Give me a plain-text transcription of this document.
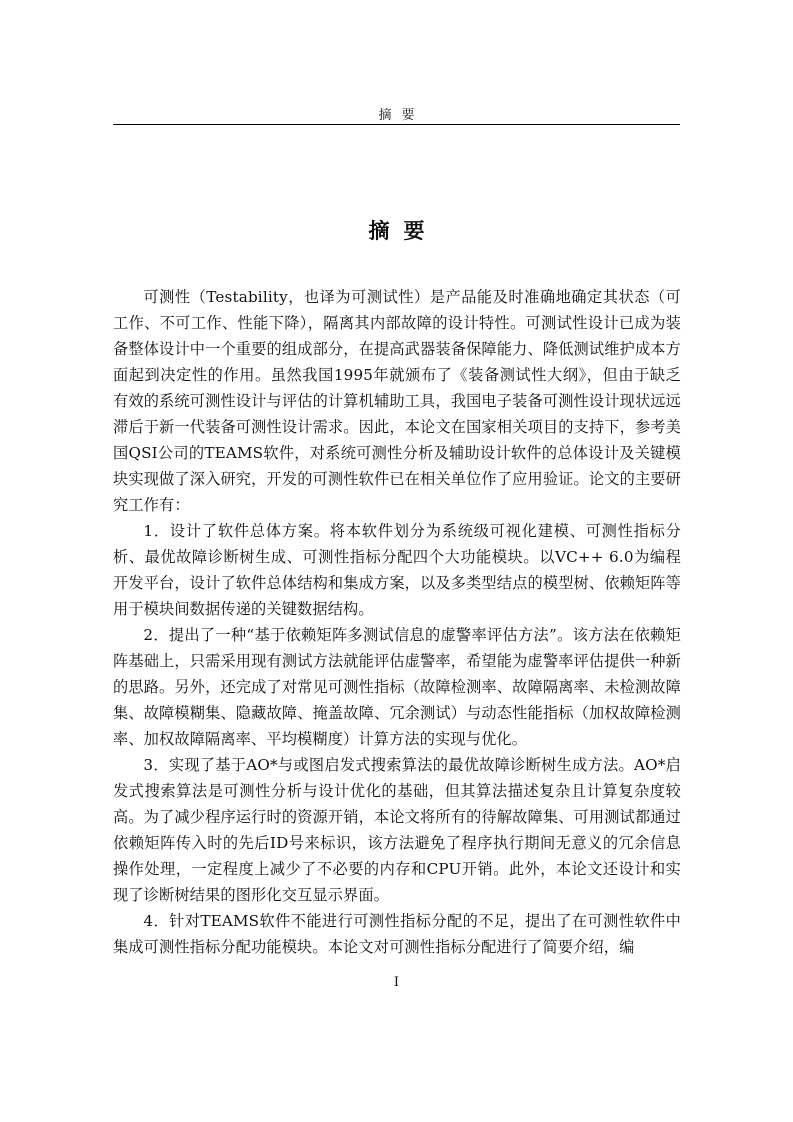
摘要
摘要

可测性（Testability，也译为可测试性）是产品能及时准确地确定其状态（可工作、不可工作、性能下降），隔离其内部故障的设计特性。可测试性设计已成为装备整体设计中一个重要的组成部分，在提高武器装备保障能力、降低测试维护成本方面起到决定性的作用。虽然我国1995年就颁布了《装备测试性大纲》，但由于缺乏有效的系统可测性设计与评估的计算机辅助工具，我国电子装备可测性设计现状远远滞后于新一代装备可测性设计需求。因此，本论文在国家相关项目的支持下，参考美国QSI公司的TEAMS软件，对系统可测性分析及辅助设计软件的总体设计及关键模块实现做了深入研究，开发的可测性软件已在相关单位作了应用验证。论文的主要研究工作有：

1．设计了软件总体方案。将本软件划分为系统级可视化建模、可测性指标分析、最优故障诊断树生成、可测性指标分配四个大功能模块。以VC++ 6.0为编程开发平台，设计了软件总体结构和集成方案，以及多类型结点的模型树、依赖矩阵等用于模块间数据传递的关键数据结构。

2．提出了一种“基于依赖矩阵多测试信息的虚警率评估方法”。该方法在依赖矩阵基础上，只需采用现有测试方法就能评估虚警率，希望能为虚警率评估提供一种新的思路。另外，还完成了对常见可测性指标（故障检测率、故障隔离率、未检测故障集、故障模糊集、隐藏故障、掩盖故障、冗余测试）与动态性能指标（加权故障检测率、加权故障隔离率、平均模糊度）计算方法的实现与优化。

3．实现了基于AO*与或图启发式搜索算法的最优故障诊断树生成方法。AO*启发式搜索算法是可测性分析与设计优化的基础，但其算法描述复杂且计算复杂度较高。为了减少程序运行时的资源开销，本论文将所有的待解故障集、可用测试都通过依赖矩阵传入时的先后ID号来标识，该方法避免了程序执行期间无意义的冗余信息操作处理，一定程度上减少了不必要的内存和CPU开销。此外，本论文还设计和实现了诊断树结果的图形化交互显示界面。

4．针对TEAMS软件不能进行可测性指标分配的不足，提出了在可测性软件中集成可测性指标分配功能模块。本论文对可测性指标分配进行了简要介绍，编

I
